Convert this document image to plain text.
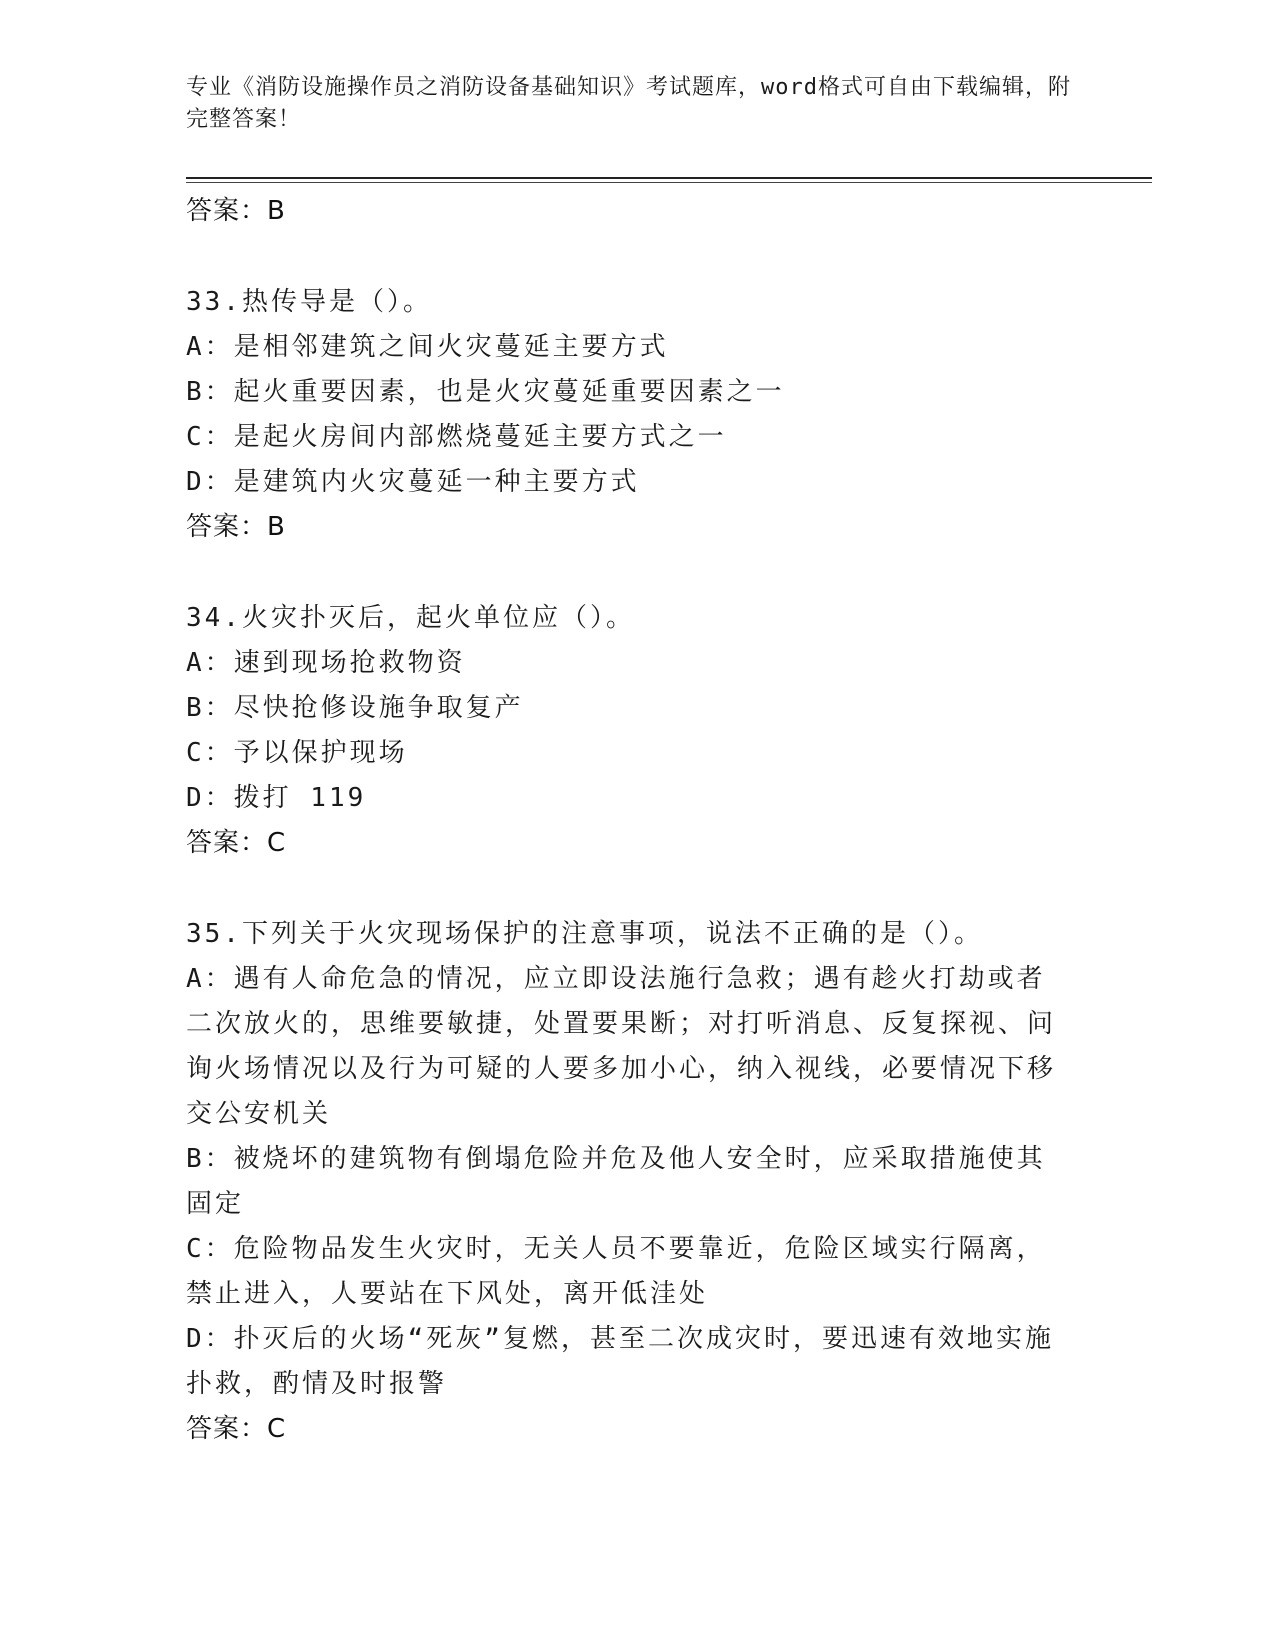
专业《消防设施操作员之消防设备基础知识》考试题库，word格式可自由下载编辑，附完整答案！
答案：B
33.热传导是（）。
A：是相邻建筑之间火灾蔓延主要方式
B：起火重要因素，也是火灾蔓延重要因素之一
C：是起火房间内部燃烧蔓延主要方式之一
D：是建筑内火灾蔓延一种主要方式
答案：B
34.火灾扑灭后，起火单位应（）。
A：速到现场抢救物资
B：尽快抢修设施争取复产
C：予以保护现场
D：拨打 119
答案：C
35.下列关于火灾现场保护的注意事项，说法不正确的是（）。
A：遇有人命危急的情况，应立即设法施行急救；遇有趁火打劫或者二次放火的，思维要敏捷，处置要果断；对打听消息、反复探视、问询火场情况以及行为可疑的人要多加小心，纳入视线，必要情况下移交公安机关
B：被烧坏的建筑物有倒塌危险并危及他人安全时，应采取措施使其固定
C：危险物品发生火灾时，无关人员不要靠近，危险区域实行隔离，禁止进入，人要站在下风处，离开低洼处
D：扑灭后的火场“死灰”复燃，甚至二次成灾时，要迅速有效地实施扑救，酌情及时报警
答案：C
